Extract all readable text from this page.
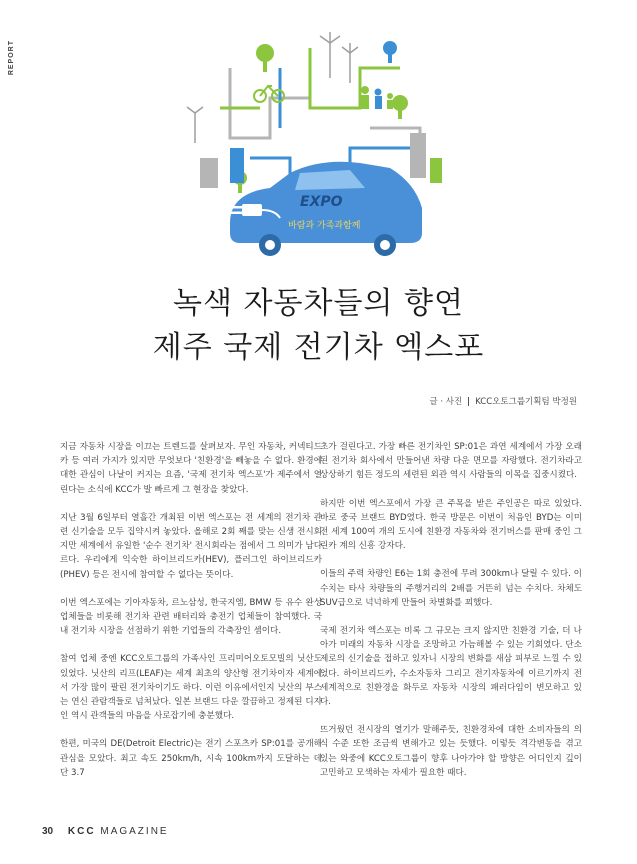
REPORT
EXPO
바람과 가족과함께
녹색 자동차들의 향연
제주 국제 전기차 엑스포
글 · 사진 KCC오토그룹기획팀 박정원

지금 자동차 시장을 이끄는 트렌드를 살펴보자. 무인 자동차, 커넥티드 카 등 여러 가지가 있지만 무엇보다 '친환경'을 빼놓을 수 없다. 환경에 대한 관심이 나날이 커지는 요즘, '국제 전기차 엑스포'가 제주에서 열린다는 소식에 KCC가 발 빠르게 그 현장을 찾았다.

지난 3월 6일부터 열흘간 개최된 이번 엑스포는 전 세계의 전기차 관련 신기술을 모두 집약시켜 놓았다. 올해로 2회 째를 맞는 신생 전시회지만 세계에서 유일한 '순수 전기차' 전시회라는 점에서 그 의미가 남다르다. 우리에게 익숙한 하이브리드카(HEV), 플러그인 하이브리드카(PHEV) 등은 전시에 참여할 수 없다는 뜻이다.

이번 엑스포에는 기아자동차, 르노삼성, 한국지엠, BMW 등 유수 완성업체들을 비롯해 전기차 관련 배터리와 충전기 업체들이 참여했다. 국내 전기차 시장을 선점하기 위한 기업들의 각축장인 셈이다.

참여 업체 중엔 KCC오토그룹의 가족사인 프리미어오토모빌의 닛산도 있었다. 닛산의 리프(LEAF)는 세계 최초의 양산형 전기차이자 세계에서 가장 많이 팔린 전기차이기도 하다. 이런 이유에서인지 닛산의 부스는 연신 관람객들로 넘쳐났다. 일본 브랜드 다운 깔끔하고 정제된 디자인 역시 관객들의 마음을 사로잡기에 충분했다.

한편, 미국의 DE(Detroit Electric)는 전기 스포츠카 SP:01를 공개해 관심을 모았다. 최고 속도 250km/h, 시속 100km까지 도달하는 데 단 3.7

초가 걸린다고. 가장 빠른 전기차인 SP:01은 과연 세계에서 가장 오래된 전기차 회사에서 만들어낸 차량 다운 면모를 자랑했다. 전기차라고 상상하기 힘든 정도의 세련된 외관 역시 사람들의 이목을 집중시켰다.

하지만 이번 엑스포에서 가장 큰 주목을 받은 주인공은 따로 있었다. 바로 중국 브랜드 BYD였다. 한국 방문은 이번이 처음인 BYD는 이미 전 세계 100여 개의 도시에 친환경 자동차와 전기버스를 판매 중인 그린카 계의 신흥 강자다.

이들의 주력 차량인 E6는 1회 충전에 무려 300km나 달릴 수 있다. 이 수치는 타사 차량들의 주행거리의 2배를 거뜬히 넘는 수치다. 차체도 SUV급으로 넉넉하게 만들어 차별화를 꾀했다.

국제 전기차 엑스포는 비록 그 규모는 크지 않지만 친환경 기술, 더 나아가 미래의 자동차 시장을 조망하고 가늠해볼 수 있는 기회였다. 단소 제로의 신기술을 접하고 있자니 시장의 변화를 새삼 피부로 느낄 수 있었다. 하이브리드카, 수소자동차 그리고 전기자동차에 이르기까지 전 세계적으로 친환경을 화두로 자동차 시장의 패러다임이 변모하고 있다.

뜨거웠던 전시장의 열기가 말해주듯, 친환경차에 대한 소비자들의 의식 수준 또한 조금씩 변해가고 있는 듯했다. 이렇듯 격각변동을 겪고 있는 와중에 KCC오토그룹이 향후 나아가야 할 방향은 어디인지 깊이 고민하고 모색하는 자세가 필요한 때다.

30 KCC MAGAZINE
